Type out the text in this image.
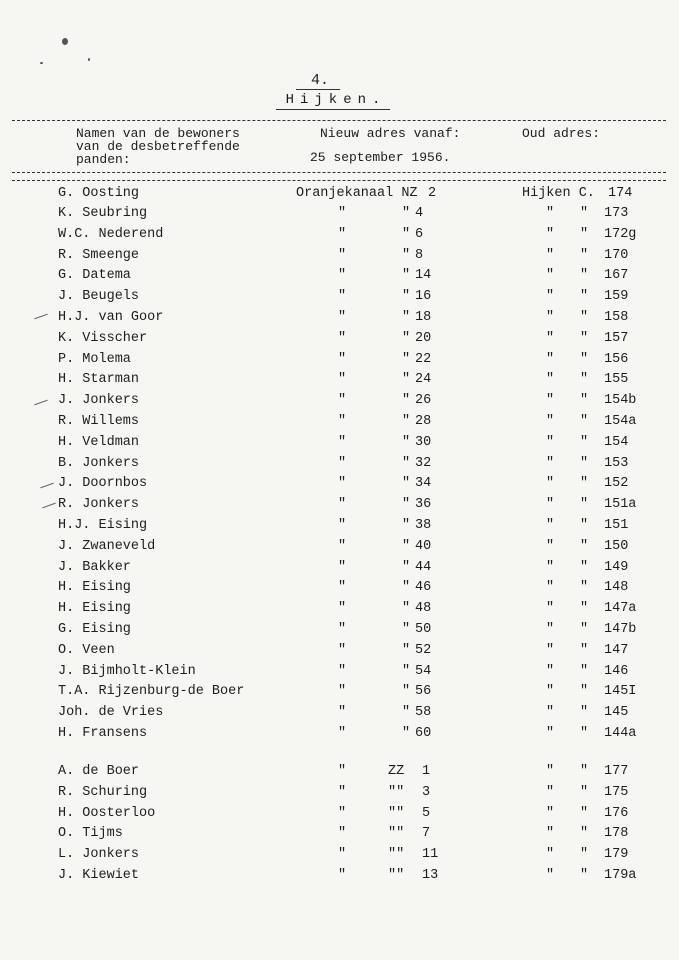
4.
Hijken.
Namen van de bewoners
van de desbetreffende
panden:
Nieuw adres vanaf:
25 september 1956.
Oud adres:
G. Oosting	Oranjekanaal NZ 2	Hijken C. 174
K. Seubring	"	" 4	" " 173
W.C. Nederend	"	" 6	" " 172g
R. Smeenge	"	" 8	" " 170
G. Datema	"	" 14	" " 167
J. Beugels	"	" 16	" " 159
H.J. van Goor	"	" 18	" " 158
K. Visscher	"	" 20	" " 157
P. Molema	"	" 22	" " 156
H. Starman	"	" 24	" " 155
J. Jonkers	"	" 26	" " 154b
R. Willems	"	" 28	" " 154a
H. Veldman	"	" 30	" " 154
B. Jonkers	"	" 32	" " 153
J. Doornbos	"	" 34	" " 152
R. Jonkers	"	" 36	" " 151a
H.J. Eising	"	" 38	" " 151
J. Zwaneveld	"	" 40	" " 150
J. Bakker	"	" 44	" " 149
H. Eising	"	" 46	" " 148
H. Eising	"	" 48	" " 147a
G. Eising	"	" 50	" " 147b
O. Veen	"	" 52	" " 147
J. Bijmholt-Klein	"	" 54	" " 146
T.A. Rijzenburg-de Boer	"	" 56	" " 145I
Joh. de Vries	"	" 58	" " 145
H. Fransens	"	" 60	" " 144a
A. de Boer	"	ZZ 1	" " 177
R. Schuring	"	"" 3	" " 175
H. Oosterloo	"	"" 5	" " 176
O. Tijms	"	"" 7	" " 178
L. Jonkers	"	"" 11	" " 179
J. Kiewiet	"	"" 13	" " 179a
